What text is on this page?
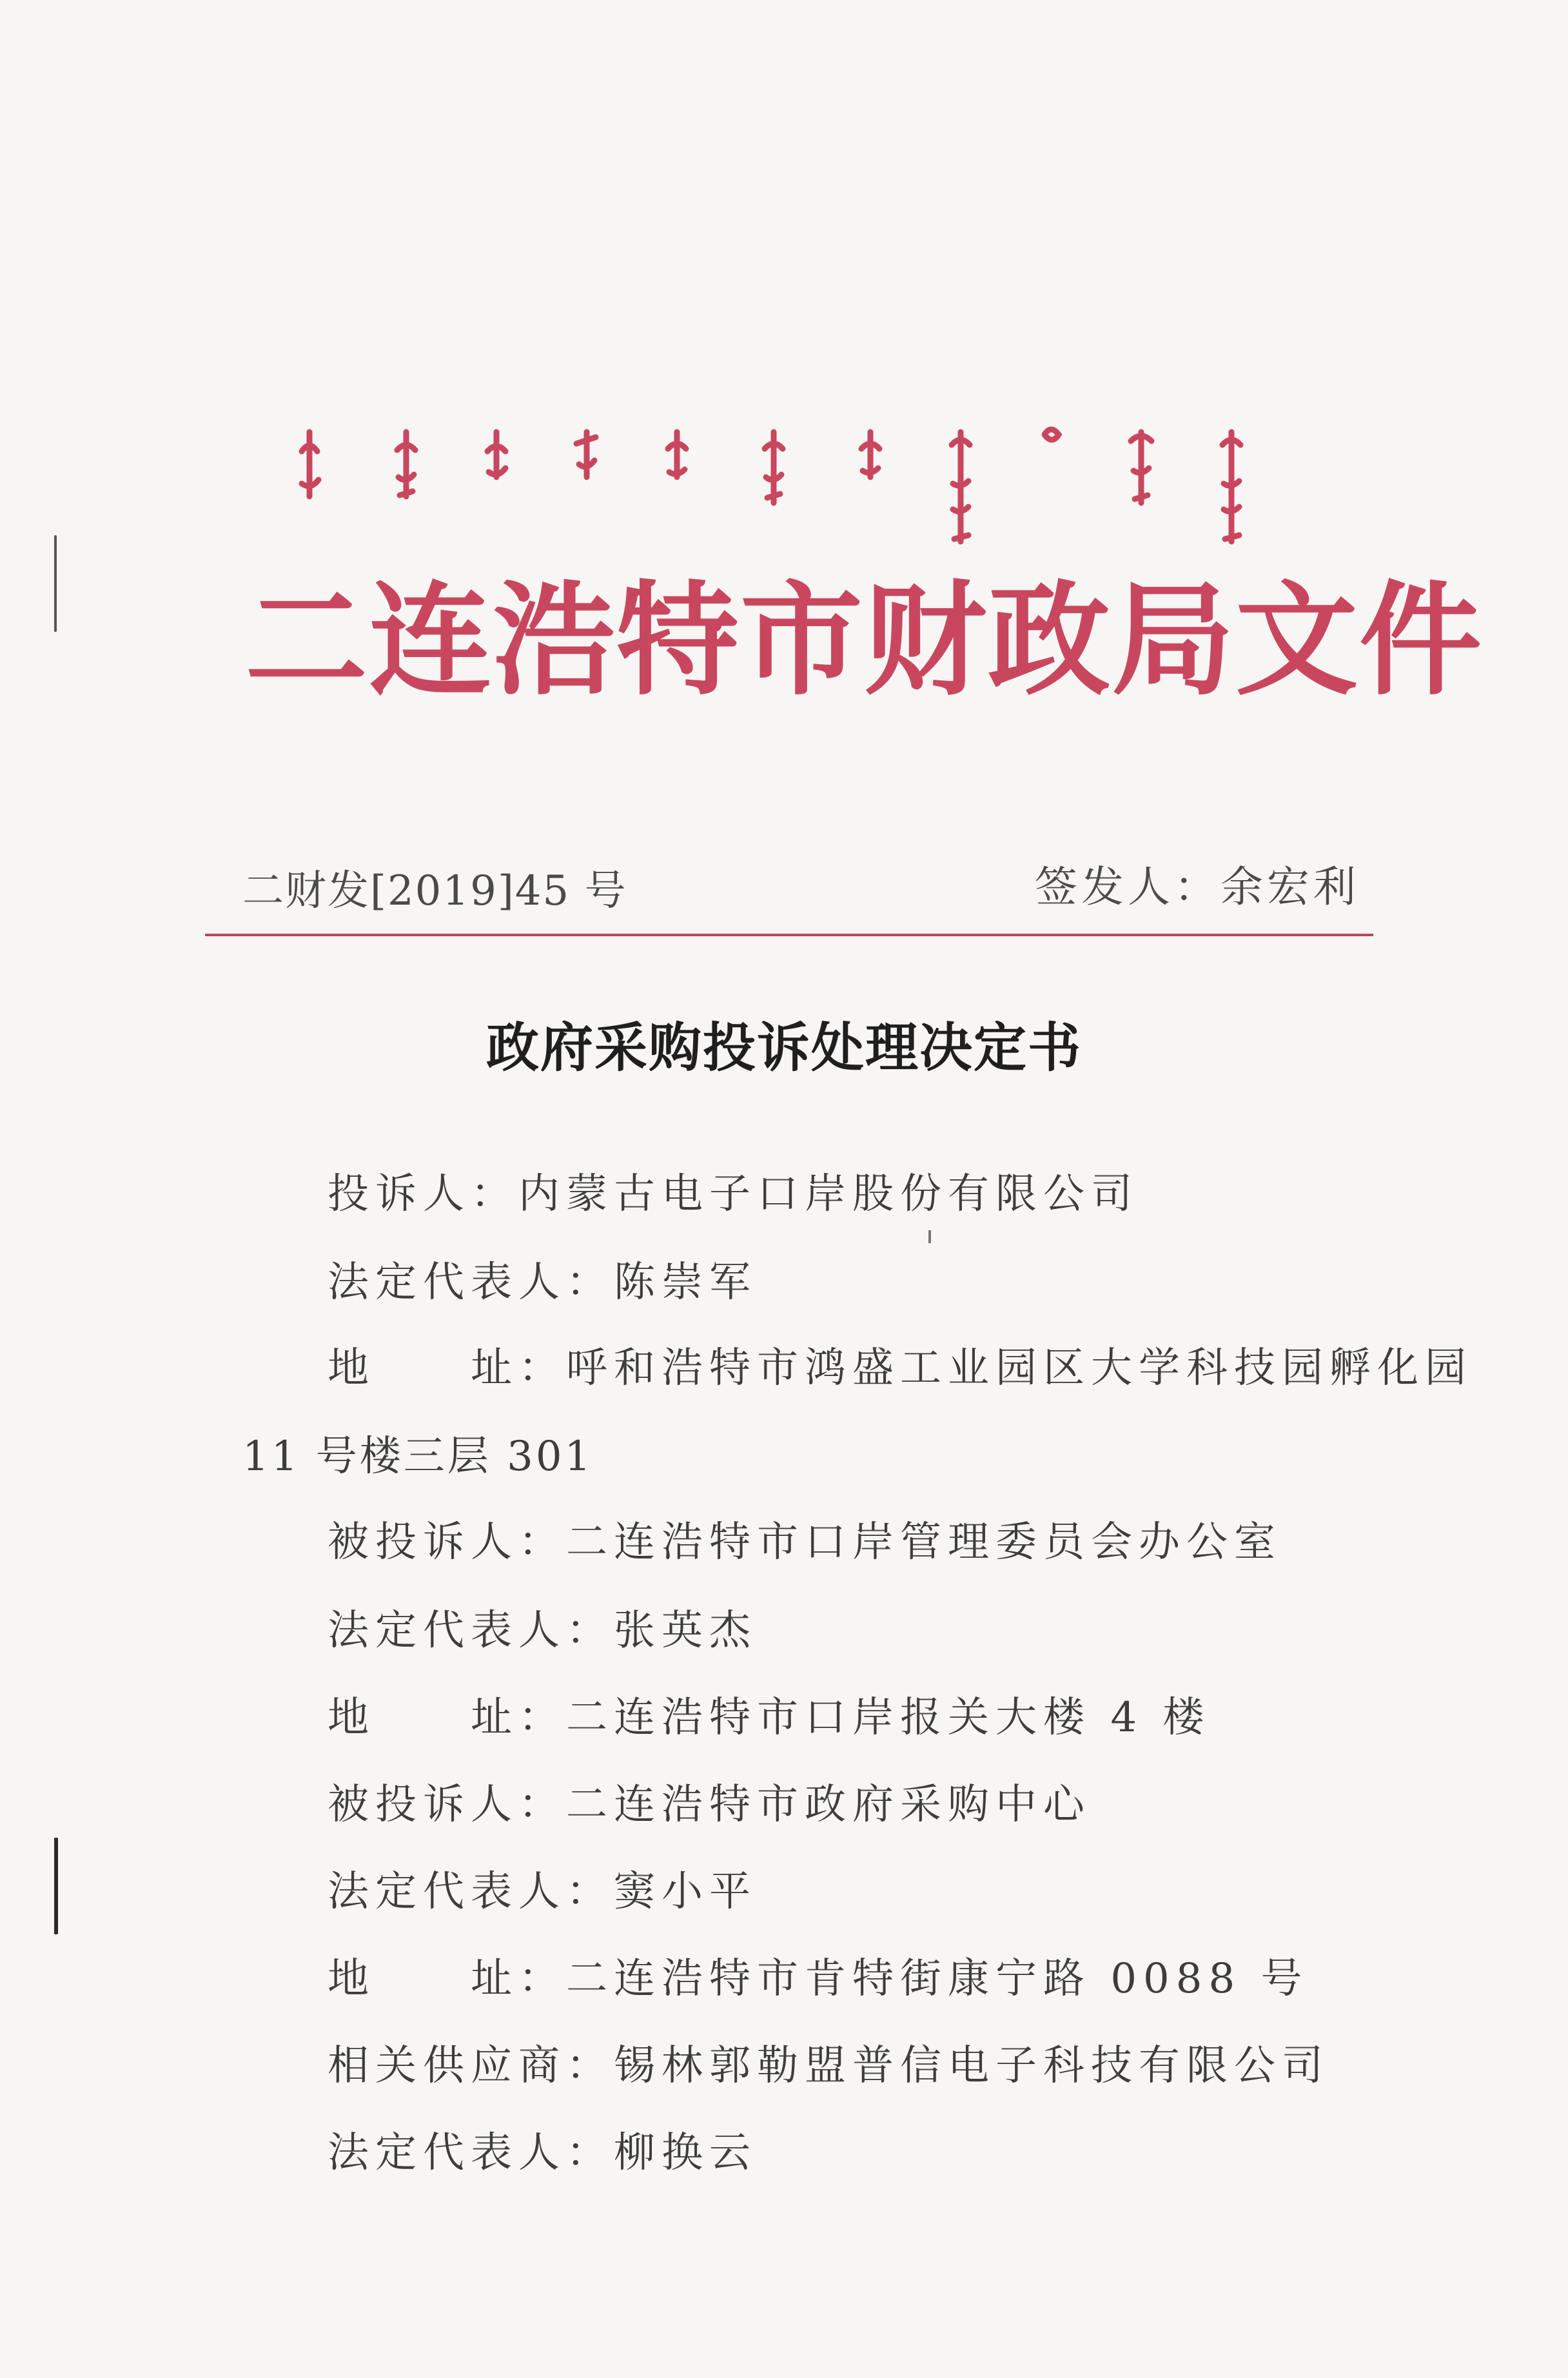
二连浩特市财政局文件
二财发[2019]45 号	签发人：余宏利
政府采购投诉处理决定书
投诉人：内蒙古电子口岸股份有限公司
法定代表人：陈崇军
地　　址：呼和浩特市鸿盛工业园区大学科技园孵化园
11 号楼三层 301
被投诉人：二连浩特市口岸管理委员会办公室
法定代表人：张英杰
地　　址：二连浩特市口岸报关大楼 4 楼
被投诉人：二连浩特市政府采购中心
法定代表人：窦小平
地　　址：二连浩特市肯特街康宁路 0088 号
相关供应商：锡林郭勒盟普信电子科技有限公司
法定代表人：柳换云
